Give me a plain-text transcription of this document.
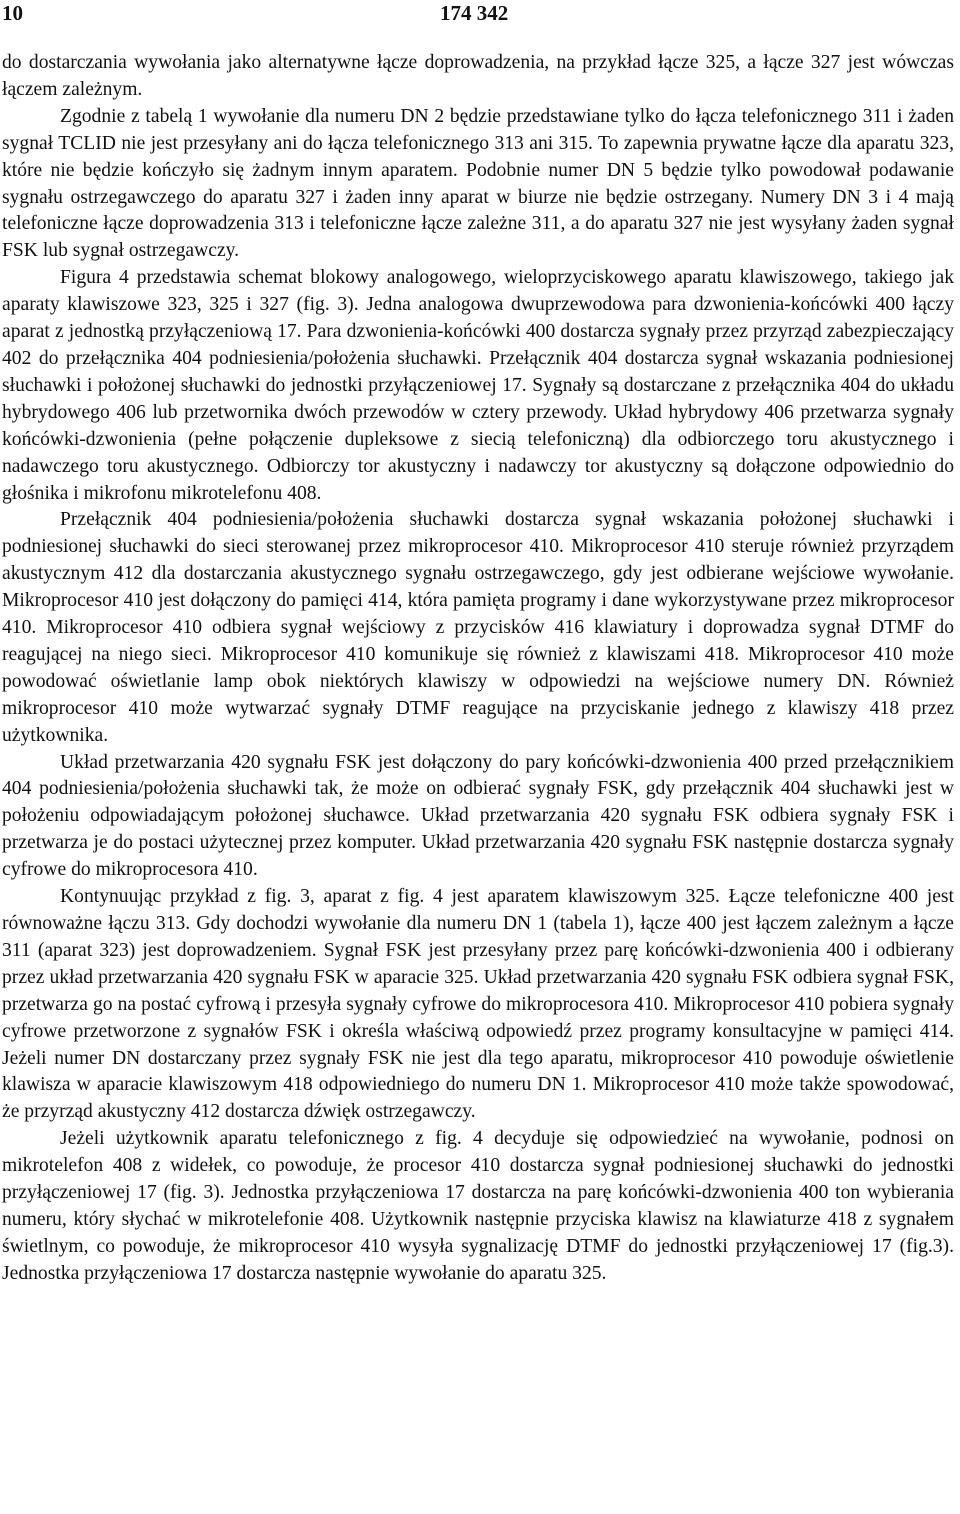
10	174 342

do dostarczania wywołania jako alternatywne łącze doprowadzenia, na przykład łącze 325, a łącze 327 jest wówczas łączem zależnym.

Zgodnie z tabelą 1 wywołanie dla numeru DN 2 będzie przedstawiane tylko do łącza telefonicznego 311 i żaden sygnał TCLID nie jest przesyłany ani do łącza telefonicznego 313 ani 315. To zapewnia prywatne łącze dla aparatu 323, które nie będzie kończyło się żadnym innym aparatem. Podobnie numer DN 5 będzie tylko powodował podawanie sygnału ostrzegawczego do aparatu 327 i żaden inny aparat w biurze nie będzie ostrzegany. Numery DN 3 i 4 mają telefoniczne łącze doprowadzenia 313 i telefoniczne łącze zależne 311, a do aparatu 327 nie jest wysyłany żaden sygnał FSK lub sygnał ostrzegawczy.

Figura 4 przedstawia schemat blokowy analogowego, wieloprzyciskowego aparatu klawiszowego, takiego jak aparaty klawiszowe 323, 325 i 327 (fig. 3). Jedna analogowa dwuprzewodowa para dzwonienia-końcówki 400 łączy aparat z jednostką przyłączeniową 17. Para dzwonienia-końcówki 400 dostarcza sygnały przez przyrząd zabezpieczający 402 do przełącznika 404 podniesienia/położenia słuchawki. Przełącznik 404 dostarcza sygnał wskazania podniesionej słuchawki i położonej słuchawki do jednostki przyłączeniowej 17. Sygnały są dostarczane z przełącznika 404 do układu hybrydowego 406 lub przetwornika dwóch przewodów w cztery przewody. Układ hybrydowy 406 przetwarza sygnały końcówki-dzwonienia (pełne połączenie dupleksowe z siecią telefoniczną) dla odbiorczego toru akustycznego i nadawczego toru akustycznego. Odbiorczy tor akustyczny i nadawczy tor akustyczny są dołączone odpowiednio do głośnika i mikrofonu mikrotelefonu 408.

Przełącznik 404 podniesienia/położenia słuchawki dostarcza sygnał wskazania położonej słuchawki i podniesionej słuchawki do sieci sterowanej przez mikroprocesor 410. Mikroprocesor 410 steruje również przyrządem akustycznym 412 dla dostarczania akustycznego sygnału ostrzegawczego, gdy jest odbierane wejściowe wywołanie. Mikroprocesor 410 jest dołączony do pamięci 414, która pamięta programy i dane wykorzystywane przez mikroprocesor 410. Mikroprocesor 410 odbiera sygnał wejściowy z przycisków 416 klawiatury i doprowadza sygnał DTMF do reagującej na niego sieci. Mikroprocesor 410 komunikuje się również z klawiszami 418. Mikroprocesor 410 może powodować oświetlanie lamp obok niektórych klawiszy w odpowiedzi na wejściowe numery DN. Również mikroprocesor 410 może wytwarzać sygnały DTMF reagujące na przyciskanie jednego z klawiszy 418 przez użytkownika.

Układ przetwarzania 420 sygnału FSK jest dołączony do pary końcówki-dzwonienia 400 przed przełącznikiem 404 podniesienia/położenia słuchawki tak, że może on odbierać sygnały FSK, gdy przełącznik 404 słuchawki jest w położeniu odpowiadającym położonej słuchawce. Układ przetwarzania 420 sygnału FSK odbiera sygnały FSK i przetwarza je do postaci użytecznej przez komputer. Układ przetwarzania 420 sygnału FSK następnie dostarcza sygnały cyfrowe do mikroprocesora 410.

Kontynuując przykład z fig. 3, aparat z fig. 4 jest aparatem klawiszowym 325. Łącze telefoniczne 400 jest równoważne łączu 313. Gdy dochodzi wywołanie dla numeru DN 1 (tabela 1), łącze 400 jest łączem zależnym a łącze 311 (aparat 323) jest doprowadzeniem. Sygnał FSK jest przesyłany przez parę końcówki-dzwonienia 400 i odbierany przez układ przetwarzania 420 sygnału FSK w aparacie 325. Układ przetwarzania 420 sygnału FSK odbiera sygnał FSK, przetwarza go na postać cyfrową i przesyła sygnały cyfrowe do mikroprocesora 410. Mikroprocesor 410 pobiera sygnały cyfrowe przetworzone z sygnałów FSK i określa właściwą odpowiedź przez programy konsultacyjne w pamięci 414. Jeżeli numer DN dostarczany przez sygnały FSK nie jest dla tego aparatu, mikroprocesor 410 powoduje oświetlenie klawisza w aparacie klawiszowym 418 odpowiedniego do numeru DN 1. Mikroprocesor 410 może także spowodować, że przyrząd akustyczny 412 dostarcza dźwięk ostrzegawczy.

Jeżeli użytkownik aparatu telefonicznego z fig. 4 decyduje się odpowiedzieć na wywołanie, podnosi on mikrotelefon 408 z widełek, co powoduje, że procesor 410 dostarcza sygnał podniesionej słuchawki do jednostki przyłączeniowej 17 (fig. 3). Jednostka przyłączeniowa 17 dostarcza na parę końcówki-dzwonienia 400 ton wybierania numeru, który słychać w mikrotelefonie 408. Użytkownik następnie przyciska klawisz na klawiaturze 418 z sygnałem świetlnym, co powoduje, że mikroprocesor 410 wysyła sygnalizację DTMF do jednostki przyłączeniowej 17 (fig.3). Jednostka przyłączeniowa 17 dostarcza następnie wywołanie do aparatu 325.
